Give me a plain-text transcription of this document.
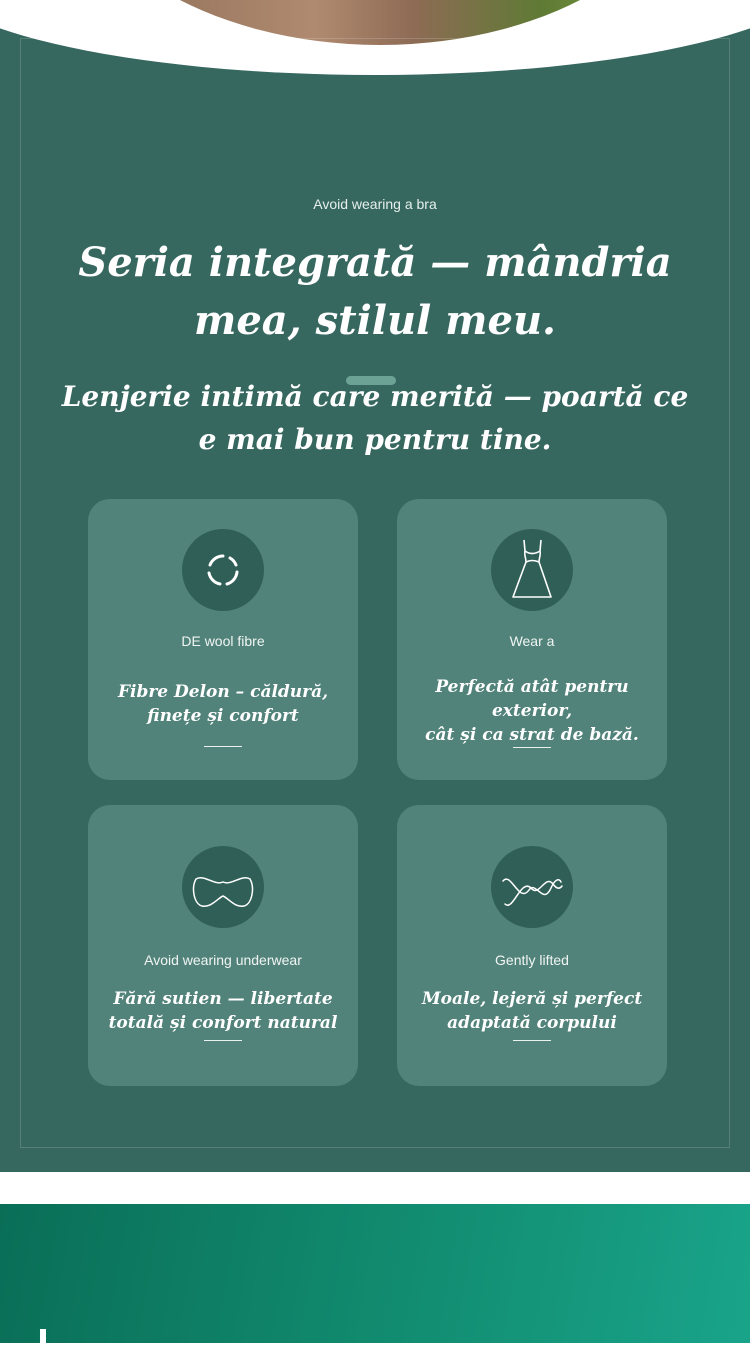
Avoid wearing a bra
Seria integrată — mândria
mea, stilul meu.
Lenjerie intimă care merită — poartă ce
e mai bun pentru tine.
DE wool fibre
Fibre Delon – căldură,
finețe și confort
Wear a
Perfectă atât pentru exterior,
cât și ca strat de bază.
Avoid wearing underwear
Fără sutien — libertate
totală și confort natural
Gently lifted
Moale, lejeră și perfect
adaptată corpului
